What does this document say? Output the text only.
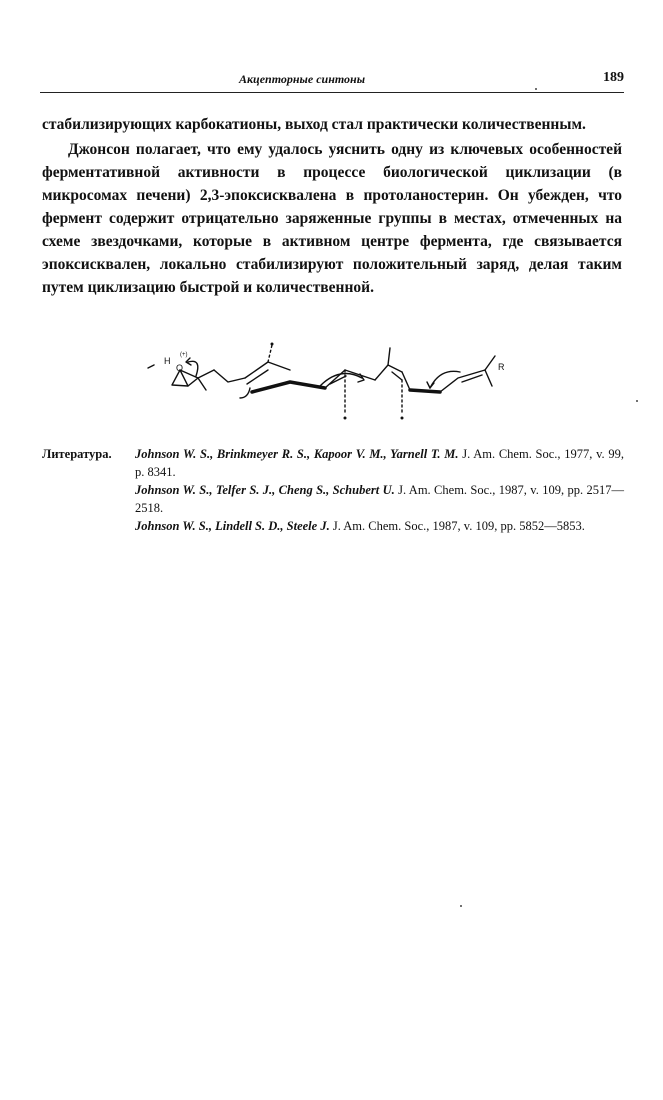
Акцепторные синтоны	189

стабилизирующих карбокатионы, выход стал практически количественным.

Джонсон полагает, что ему удалось уяснить одну из ключевых особенностей ферментативной активности в процессе биологической циклизации (в микросомах печени) 2,3-эпоксисквалена в протоланостерин. Он убежден, что фермент содержит отрицательно заряженные группы в местах, отмеченных на схеме звездочками, которые в активном центре фермента, где связывается эпоксисквален, локально стабилизируют положительный заряд, делая таким путем циклизацию быстрой и количественной.

H
O
(+)
R
Литература. Johnson W. S., Brinkmeyer R. S., Kapoor V. M., Yarnell T. M. J. Am. Chem. Soc., 1977, v. 99, p. 8341.
Johnson W. S., Telfer S. J., Cheng S., Schubert U. J. Am. Chem. Soc., 1987, v. 109, pp. 2517—2518.
Johnson W. S., Lindell S. D., Steele J. J. Am. Chem. Soc., 1987, v. 109, pp. 5852—5853.
